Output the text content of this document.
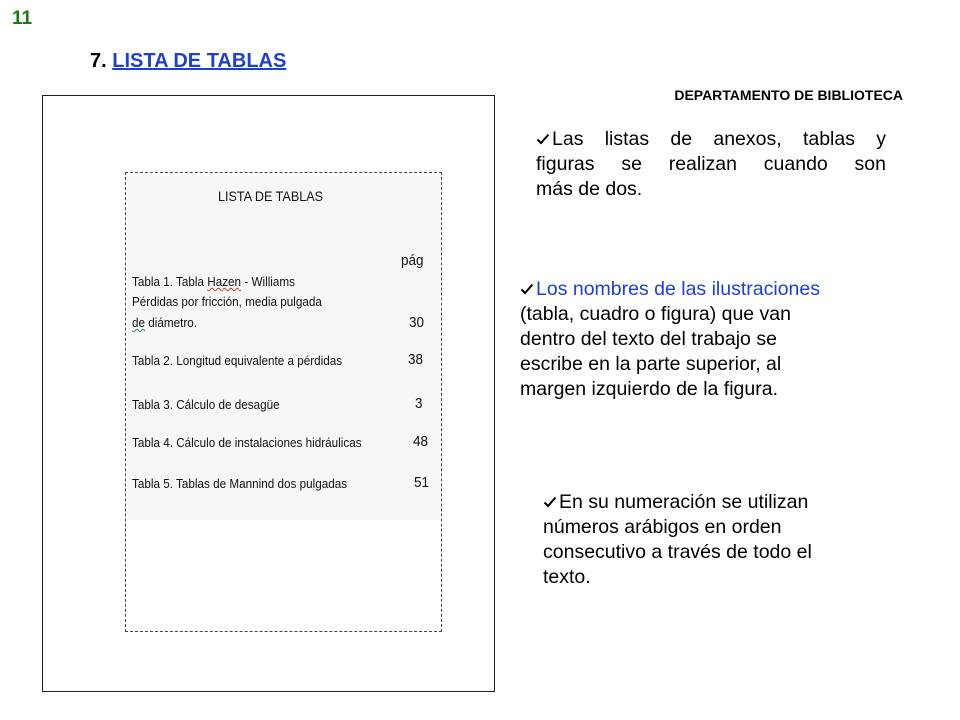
11
7. LISTA DE TABLAS
DEPARTAMENTO DE BIBLIOTECA
LISTA DE TABLAS
pág
Tabla 1. Tabla Hazen - Williams
Pérdidas por fricción, media pulgada
de diámetro.	30
Tabla 2. Longitud equivalente a pérdidas	38
Tabla 3. Cálculo de desagüe	3
Tabla 4. Cálculo de instalaciones hidráulicas	48
Tabla 5. Tablas de Mannind dos pulgadas	51
Las listas de anexos, tablas y
figuras se realizan cuando son
más de dos.
Los nombres de las ilustraciones
(tabla, cuadro o figura) que van
dentro del texto del trabajo se
escribe en la parte superior, al
margen izquierdo de la figura.
En su numeración se utilizan
números arábigos en orden
consecutivo a través de todo el
texto.
